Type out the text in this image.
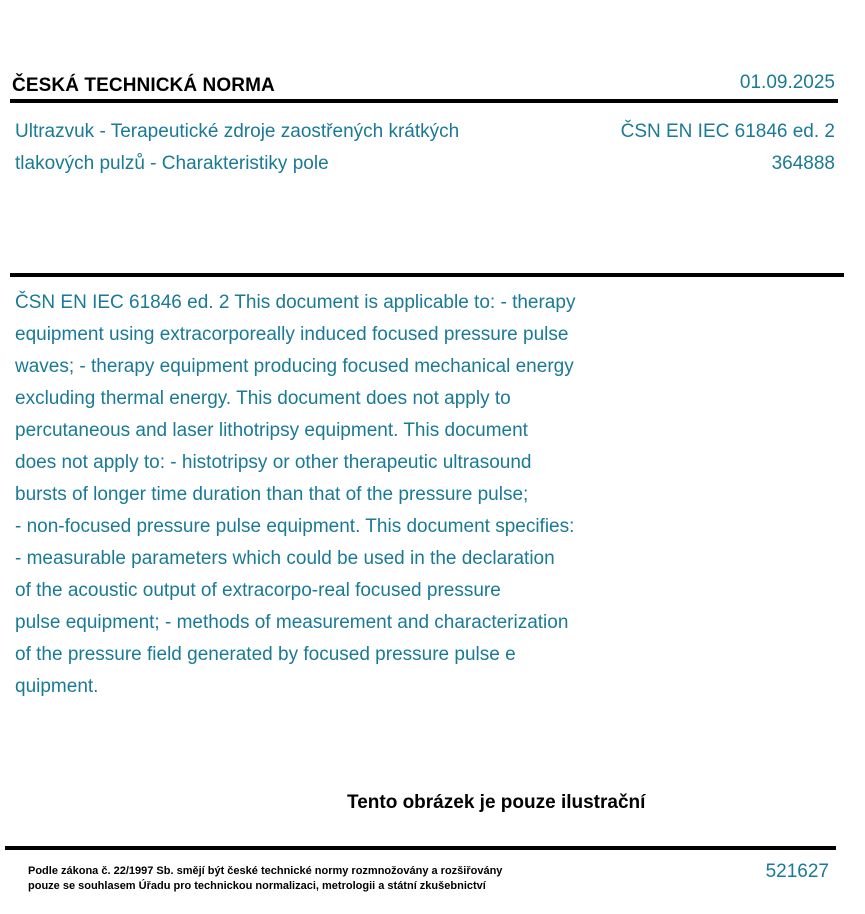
ČESKÁ TECHNICKÁ NORMA	01.09.2025
Ultrazvuk - Terapeutické zdroje zaostřených krátkých tlakových pulzů - Charakteristiky pole
ČSN EN IEC 61846 ed. 2
364888
ČSN EN IEC 61846 ed. 2 This document is applicable to: - therapy
equipment using extracorporeally induced focused pressure pulse
waves; - therapy equipment producing focused mechanical energy
excluding thermal energy. This document does not apply to
percutaneous and laser lithotripsy equipment. This document
does not apply to: - histotripsy or other therapeutic ultrasound
bursts of longer time duration than that of the pressure pulse;
- non-focused pressure pulse equipment. This document specifies:
- measurable parameters which could be used in the declaration
of the acoustic output of extracorpo-real focused pressure
pulse equipment; - methods of measurement and characterization
of the pressure field generated by focused pressure pulse e
quipment.
Tento obrázek je pouze ilustrační
Podle zákona č. 22/1997 Sb. smějí být české technické normy rozmnožovány a rozšiřovány
pouze se souhlasem Úřadu pro technickou normalizaci, metrologii a státní zkušebnictví
521627
